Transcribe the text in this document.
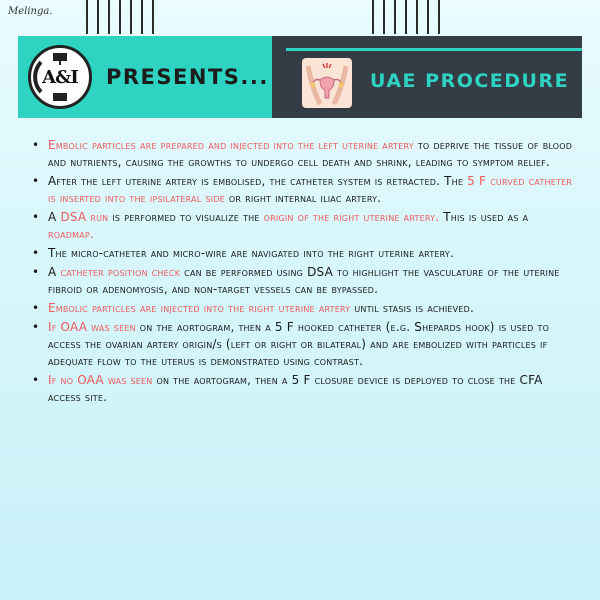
Melinga.
A&I PRESENTS...	UAE PROCEDURE
• Embolic particles are prepared and injected into the left uterine artery to deprive the tissue of blood and nutrients, causing the growths to undergo cell death and shrink, leading to symptom relief.
• After the left uterine artery is embolised, the catheter system is retracted. The 5 F curved catheter is inserted into the ipsilateral side or right internal iliac artery.
• A DSA run is performed to visualize the origin of the right uterine artery. This is used as a roadmap.
• The micro-catheter and micro-wire are navigated into the right uterine artery.
• A catheter position check can be performed using DSA to highlight the vasculature of the uterine fibroid or adenomyosis, and non-target vessels can be bypassed.
• Embolic particles are injected into the right uterine artery until stasis is achieved.
• If OAA was seen on the aortogram, then a 5 F hooked catheter (e.g. Shepards hook) is used to access the ovarian artery origin/s (left or right or bilateral) and are embolized with particles if adequate flow to the uterus is demonstrated using contrast.
• If no OAA was seen on the aortogram, then a 5 F closure device is deployed to close the CFA access site.
